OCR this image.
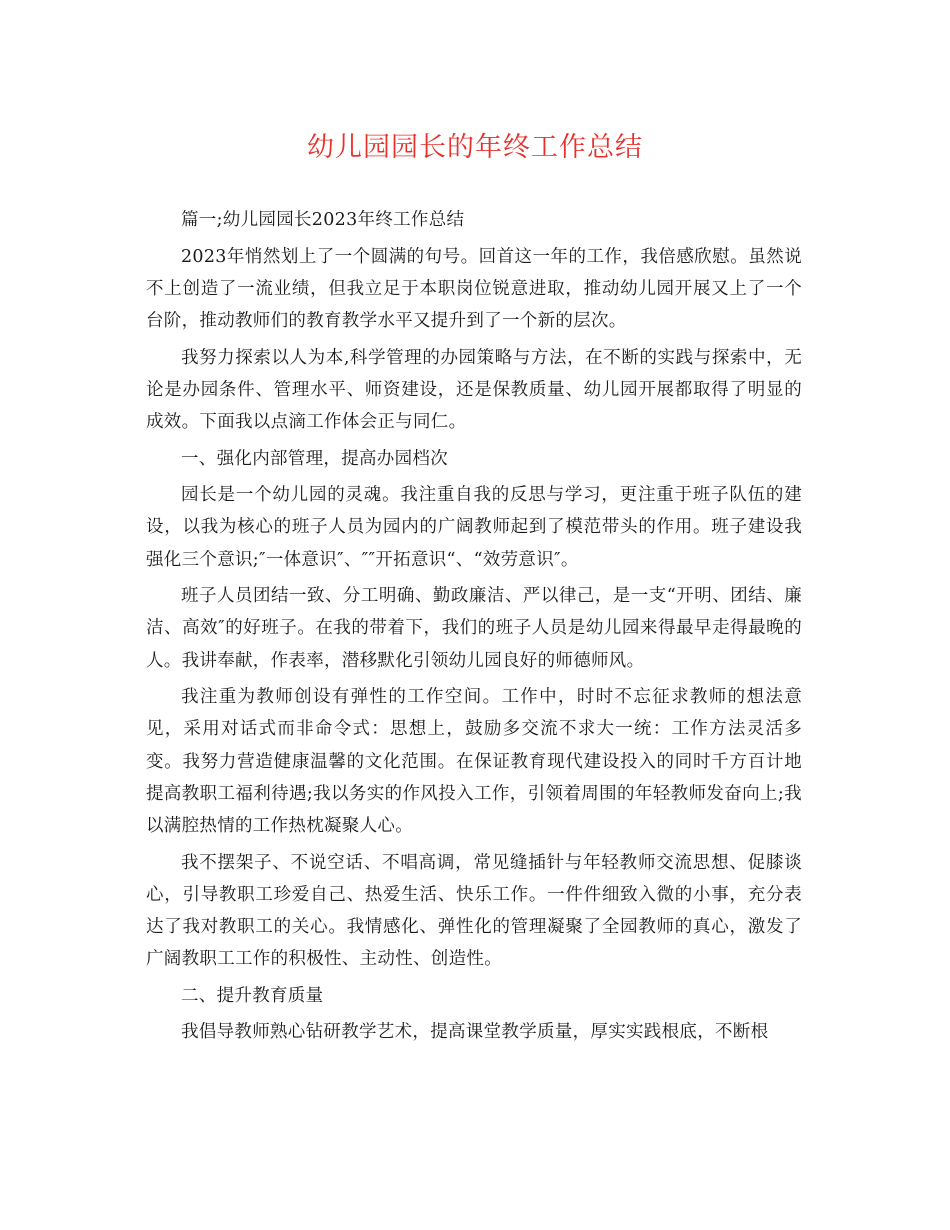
幼儿园园长的年终工作总结

篇一;幼儿园园长2023年终工作总结

2023年悄然划上了一个圆满的句号。回首这一年的工作，我倍感欣慰。虽然说不上创造了一流业绩，但我立足于本职岗位锐意进取，推动幼儿园开展又上了一个台阶，推动教师们的教育教学水平又提升到了一个新的层次。

我努力探索以人为本,科学管理的办园策略与方法，在不断的实践与探索中，无论是办园条件、管理水平、师资建设，还是保教质量、幼儿园开展都取得了明显的成效。下面我以点滴工作体会正与同仁。

一、强化内部管理，提高办园档次

园长是一个幼儿园的灵魂。我注重自我的反思与学习，更注重于班子队伍的建设，以我为核心的班子人员为园内的广阔教师起到了模范带头的作用。班子建设我强化三个意识;″一体意识″、″″开拓意识“、“效劳意识″。

班子人员团结一致、分工明确、勤政廉洁、严以律己，是一支“开明、团结、廉洁、高效″的好班子。在我的带着下，我们的班子人员是幼儿园来得最早走得最晚的人。我讲奉献，作表率，潜移默化引领幼儿园良好的师德师风。

我注重为教师创设有弹性的工作空间。工作中，时时不忘征求教师的想法意见，采用对话式而非命令式：思想上，鼓励多交流不求大一统：工作方法灵活多变。我努力营造健康温馨的文化范围。在保证教育现代建设投入的同时千方百计地提高教职工福利待遇;我以务实的作风投入工作，引领着周围的年轻教师发奋向上;我以满腔热情的工作热枕凝聚人心。

我不摆架子、不说空话、不唱高调，常见缝插针与年轻教师交流思想、促膝谈心，引导教职工珍爱自己、热爱生活、快乐工作。一件件细致入微的小事，充分表达了我对教职工的关心。我情感化、弹性化的管理凝聚了全园教师的真心，激发了广阔教职工工作的积极性、主动性、创造性。

二、提升教育质量

我倡导教师熟心钻研教学艺术，提高课堂教学质量，厚实实践根底，不断根
